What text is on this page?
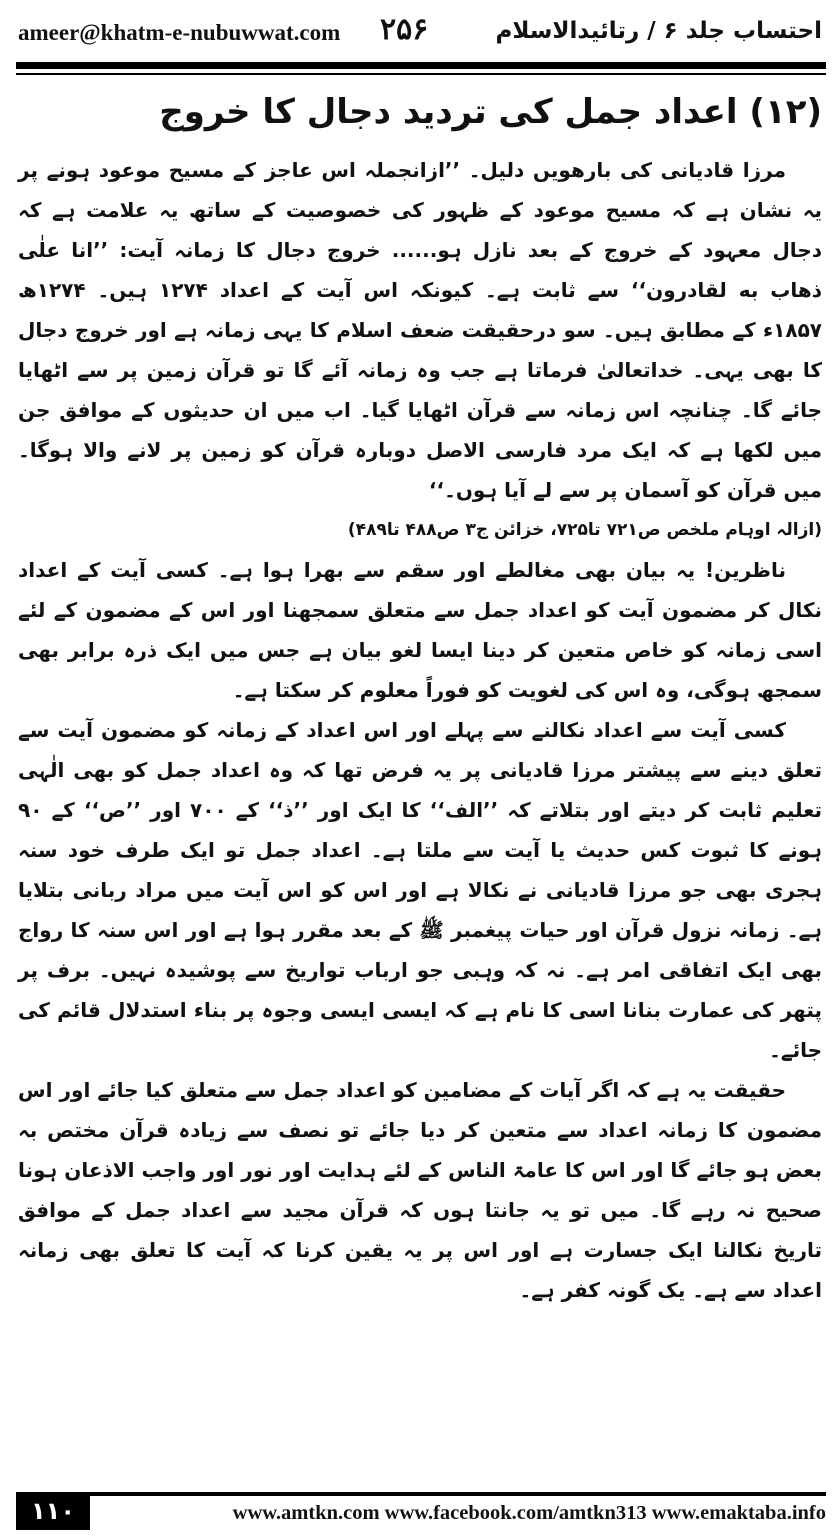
ameer@khatm-e-nubuwwat.com ۲۵۶	احتساب جلد ۶ / رتائیدالاسلام
(۱۲) اعداد جمل کی تردید دجال کا خروج

مرزا قادیانی کی بارھویں دلیل۔ ’’ازانجملہ اس عاجز کے مسیح موعود ہونے پر یہ نشان ہے کہ مسیح موعود کے ظہور کی خصوصیت کے ساتھ یہ علامت ہے کہ دجال معہود کے خروج کے بعد نازل ہو...... خروج دجال کا زمانہ آیت: ’’انا علٰی ذھاب به لقادرون‘‘ سے ثابت ہے۔ کیونکہ اس آیت کے اعداد ۱۲۷۴ ہیں۔ ۱۲۷۴ھ ۱۸۵۷ء کے مطابق ہیں۔ سو درحقیقت ضعف اسلام کا یہی زمانہ ہے اور خروج دجال کا بھی یہی۔ خداتعالیٰ فرماتا ہے جب وہ زمانہ آئے گا تو قرآن زمین پر سے اٹھایا جائے گا۔ چنانچہ اس زمانہ سے قرآن اٹھایا گیا۔ اب میں ان حدیثوں کے موافق جن میں لکھا ہے کہ ایک مرد فارسی الاصل دوبارہ قرآن کو زمین پر لانے والا ہوگا۔ میں قرآن کو آسمان پر سے لے آیا ہوں۔‘‘

(ازالہ اوہام ملخص ص۷۲۱ تا۷۲۵، خزائن ج۳ ص۴۸۸ تا۴۸۹)

ناظرین! یہ بیان بھی مغالطے اور سقم سے بھرا ہوا ہے۔ کسی آیت کے اعداد نکال کر مضمون آیت کو اعداد جمل سے متعلق سمجھنا اور اس کے مضمون کے لئے اسی زمانہ کو خاص متعین کر دینا ایسا لغو بیان ہے جس میں ایک ذرہ برابر بھی سمجھ ہوگی، وہ اس کی لغویت کو فوراً معلوم کر سکتا ہے۔

کسی آیت سے اعداد نکالنے سے پہلے اور اس اعداد کے زمانہ کو مضمون آیت سے تعلق دینے سے پیشتر مرزا قادیانی پر یہ فرض تھا کہ وہ اعداد جمل کو بھی الٰہی تعلیم ثابت کر دیتے اور بتلاتے کہ ’’الف‘‘ کا ایک اور ’’ذ‘‘ کے ۷۰۰ اور ’’ص‘‘ کے ۹۰ ہونے کا ثبوت کس حدیث یا آیت سے ملتا ہے۔ اعداد جمل تو ایک طرف خود سنہ ہجری بھی جو مرزا قادیانی نے نکالا ہے اور اس کو اس آیت میں مراد ربانی بتلایا ہے۔ زمانہ نزول قرآن اور حیات پیغمبر ﷺ کے بعد مقرر ہوا ہے اور اس سنہ کا رواج بھی ایک اتفاقی امر ہے۔ نہ کہ وہبی جو ارباب تواریخ سے پوشیدہ نہیں۔ برف پر پتھر کی عمارت بنانا اسی کا نام ہے کہ ایسی ایسی وجوہ پر بناء استدلال قائم کی جائے۔

حقیقت یہ ہے کہ اگر آیات کے مضامین کو اعداد جمل سے متعلق کیا جائے اور اس مضمون کا زمانہ اعداد سے متعین کر دیا جائے تو نصف سے زیادہ قرآن مختص بہ بعض ہو جائے گا اور اس کا عامۃ الناس کے لئے ہدایت اور نور اور واجب الاذعان ہونا صحیح نہ رہے گا۔ میں تو یہ جانتا ہوں کہ قرآن مجید سے اعداد جمل کے موافق تاریخ نکالنا ایک جسارت ہے اور اس پر یہ یقین کرنا کہ آیت کا تعلق بھی زمانہ اعداد سے ہے۔ یک گونہ کفر ہے۔

۱۱۰	www.amtkn.com www.facebook.com/amtkn313 www.emaktaba.info
